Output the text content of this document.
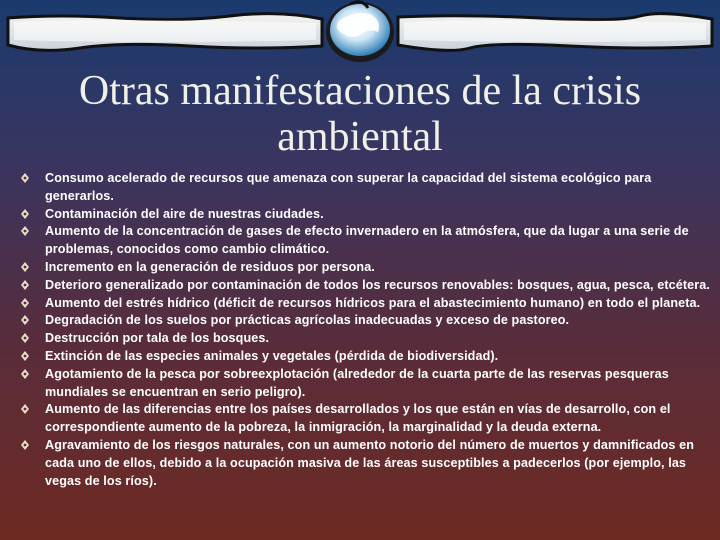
Otras manifestaciones de la crisis
ambiental
Consumo acelerado de recursos que amenaza con superar la capacidad del sistema ecológico para generarlos.
Contaminación del aire de nuestras ciudades.
Aumento de la concentración de gases de efecto invernadero en la atmósfera, que da lugar a una serie de problemas, conocidos como cambio climático.
Incremento en la generación de residuos por persona.
Deterioro generalizado por contaminación de todos los recursos renovables: bosques, agua, pesca, etcétera.
Aumento del estrés hídrico (déficit de recursos hídricos para el abastecimiento humano) en todo el planeta.
Degradación de los suelos por prácticas agrícolas inadecuadas y exceso de pastoreo.
Destrucción por tala de los bosques.
Extinción de las especies animales y vegetales (pérdida de biodiversidad).
Agotamiento de la pesca por sobreexplotación (alrededor de la cuarta parte de las reservas pesqueras mundiales se encuentran en serio peligro).
Aumento de las diferencias entre los países desarrollados y los que están en vías de desarrollo, con el correspondiente aumento de la pobreza, la inmigración, la marginalidad y la deuda externa.
Agravamiento de los riesgos naturales, con un aumento notorio del número de muertos y damnificados en cada uno de ellos, debido a la ocupación masiva de las áreas susceptibles a padecerlos (por ejemplo, las vegas de los ríos).
